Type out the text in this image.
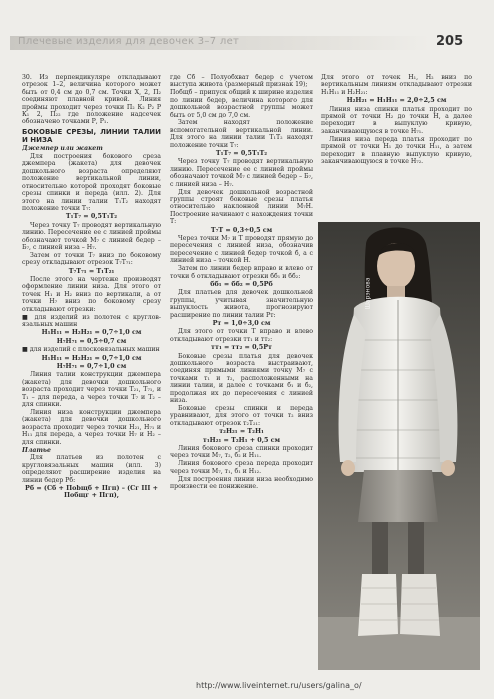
Плечевые изделия для девочек 3–7 лет	205

30. Из перпендикуляре откладывают отрезок 1–2, величина которого может быть от 0,4 см до 0,7 см. Точки Х, 2, П₂ соединяют плавной кривой. Линия проймы проходит через точки П₂ К₂ Р₂ Р К₁ 2, П₂₂ где положение надсечек обозначено точками Р, Р₁.

БОКОВЫЕ СРЕЗЫ, ЛИНИИ ТАЛИИ И НИЗА

Джемпер или жакет

Для построения бокового среза джемпера (жакета) для девочек дошкольного возраста определяют положение вертикальной линии, относительно которой проходят боковые срезы спинки и переда (илл. 2). Для этого на линии талии Т₁Т₂ находят положение точки Т₇:

Т₁Т₇ = 0,5Т₁Т₂

Через точку Т₇ проводят вертикальную линию. Пересечение ее с линией проймы обозначают точкой М₇ с линией бедер – Б₇, с линией низа – Н₇.

Затем от точки Т₇ вниз по боковому срезу откладывают отрезок Т₇Т₇₁:

Т₇Т₇₁ = Т₁Т₂₁

После этого на чертеже производят оформление линии низа. Для этого от точек Н₁ и Н₂ вниз по вертикали, а от точки Н₇ вниз по боковому срезу откладывают отрезки:

■ для изделий из полотен с кругловязальных машин

Н₁Н₁₁ = Н₂Н₂₁ = 0,7÷1,0 см

Н₇Н₇₁ = 0,5÷0,7 см

■ для изделий с плосковязальных машин

Н₁Н₁₁ = Н₂Н₂₁ = 0,7÷1,0 см

Н₇Н₇₁ = 0,7÷1,0 см

Линия талии конструкции джемпера (жакета) для девочки дошкольного возраста проходит через точки Т₂₁, Т₇₁, и Т₁ – для переда, а через точки Т₇ и Т₂ – для спинки.

Линия низа конструкции джемпера (жакета) для девочки дошкольного возраста проходит через точки Н₂₁, Н₇₁ и Н₁₁ для переда, а через точки Н₇ и Н₂ – для спинки.

Платье

Для платьев из полотен с кругловязальных машин (илл. 3) определяют расширение изделия на линии бедер Рб:

Рб = (Сб + Пobщб + Пгп) – (Сг III + Побщг + Пгп),

где Сб – Полуобхват бедер с учетом выступа живота (размерный признак 19);

Побщб – припуск общий к ширине изделия по линии бедер, величина которого для дошкольной возрастной группы может быть от 5,0 см до 7,0 см.

Затем находят положение вспомогательной вертикальной линии. Для этого на линии талии Т₁Т₂ находят положение точки Т₇:

Т₁Т₇ = 0,5Т₁Т₂

Через точку Т₇ проводят вертикальную линию. Пересечение ее с линией проймы обозначают точкой М₇ с линией бедер – Б₇, с линией низа – Н₇.

Для девочек дошкольной возрастной группы строят боковые срезы платья относительно наклонной линии М₇Н. Построение начинают с нахождения точки Т:

Т₇Т = 0,3÷0,5 см

Через точки М₇ и Т проводят прямую до пересечения с линией низа, обозначив пересечение с линией бедер точкой б, а с линией низа – точкой Н.

Затем по линии бедер вправо и влево от точки б откладывают отрезки бб₁ и бб₂:

бб₁ = бб₂ = 0,5Рб

Для платьев для девочек дошкольной группы, учитывая значительную выпуклость живота, прогнозируют расширение по линии талии Рт:

Рт = 1,0÷3,0 см

Для этого от точки Т вправо и влево откладывают отрезки тт₁ и тт₂:

тт₁ = тт₂ = 0,5Рт

Боковые срезы платья для девочек дошкольного возраста выстраивают, соединяя прямыми линиями точку М₇ с точками т₁ и т₂, расположенными на линии талии, и далее с точками б₁ и б₂, продолжая их до пересечения с линией низа.

Боковые срезы спинки и переда уравнивают, для этого от точки т₂ вниз откладывают отрезок т₂Т₂₁:

т₂Н₂₁ = Т₂Н₁

т₁Н₂₁ = Т₂Н₁ + 0,5 см

Линия бокового среза спинки проходит через точки М₇, т₂, б₂ и Н₁₁.

Линия бокового среза переда проходит через точки М₇, т₁, б₁ и Н₁₂.

Для построения линии низа необходимо произвести ее понижение.

Для этого от точек Н₁, Н₂ вниз по вертикальным линиям откладывают отрезки Н₁Н₁₁ и Н₂Н₂₁:

Н₂Н₂₁ = Н₁Н₁₁ = 2,0÷2,5 см

Линия низа спинки платья проходит по прямой от точки Н₂ до точки Н, а далее переходит в выпуклую кривую, заканчивающуюся в точке Н₇₁.

Линия низа переда платья проходит по прямой от точки Н₁ до точки Н₁₁, а затем переходит в плавную выпуклую кривую, заканчивающуюся в точке Н₇₂.

Шарэнова
http://www.liveinternet.ru/users/galina_o/
